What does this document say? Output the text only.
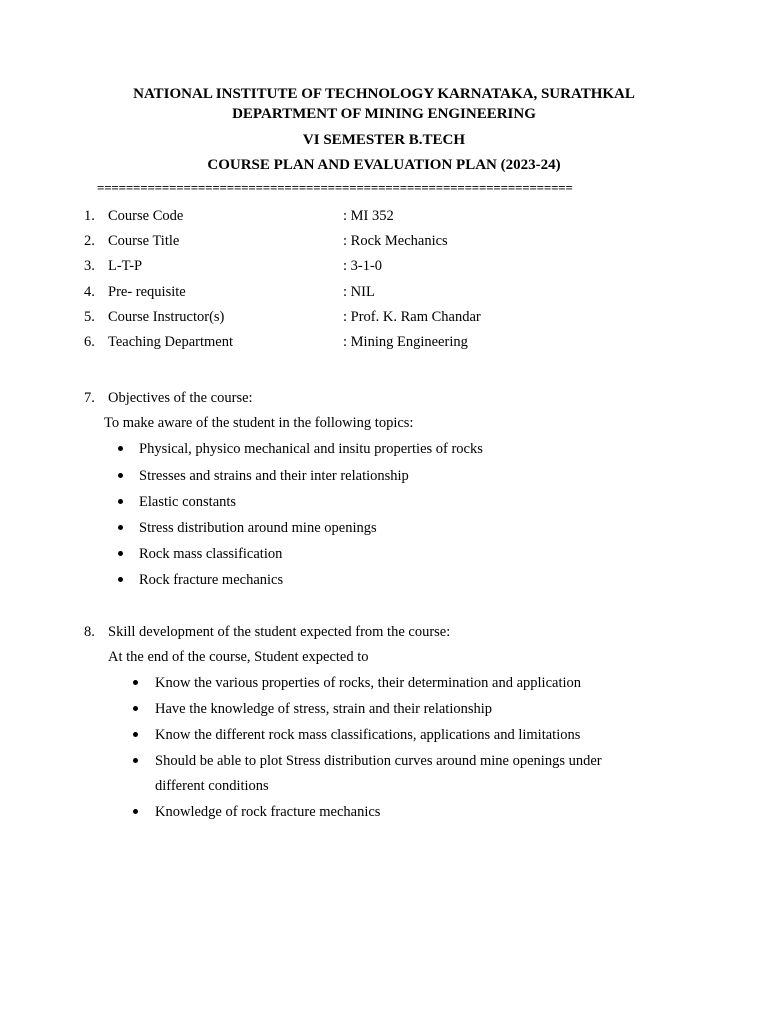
NATIONAL INSTITUTE OF TECHNOLOGY KARNATAKA, SURATHKAL
DEPARTMENT OF MINING ENGINEERING
VI SEMESTER B.TECH
COURSE PLAN AND EVALUATION PLAN (2023-24)
==================================================================
1. Course Code	: MI 352
2. Course Title	: Rock Mechanics
3. L-T-P	: 3-1-0
4. Pre- requisite	: NIL
5. Course Instructor(s)	: Prof. K. Ram Chandar
6. Teaching Department	: Mining Engineering
7. Objectives of the course:
To make aware of the student in the following topics:
Physical, physico mechanical and insitu properties of rocks
Stresses and strains and their inter relationship
Elastic constants
Stress distribution around mine openings
Rock mass classification
Rock fracture mechanics
8. Skill development of the student expected from the course:
At the end of the course, Student expected to
Know the various properties of rocks, their determination and application
Have the knowledge of stress, strain and their relationship
Know the different rock mass classifications, applications and limitations
Should be able to plot Stress distribution curves around mine openings under
different conditions
Knowledge of rock fracture mechanics
